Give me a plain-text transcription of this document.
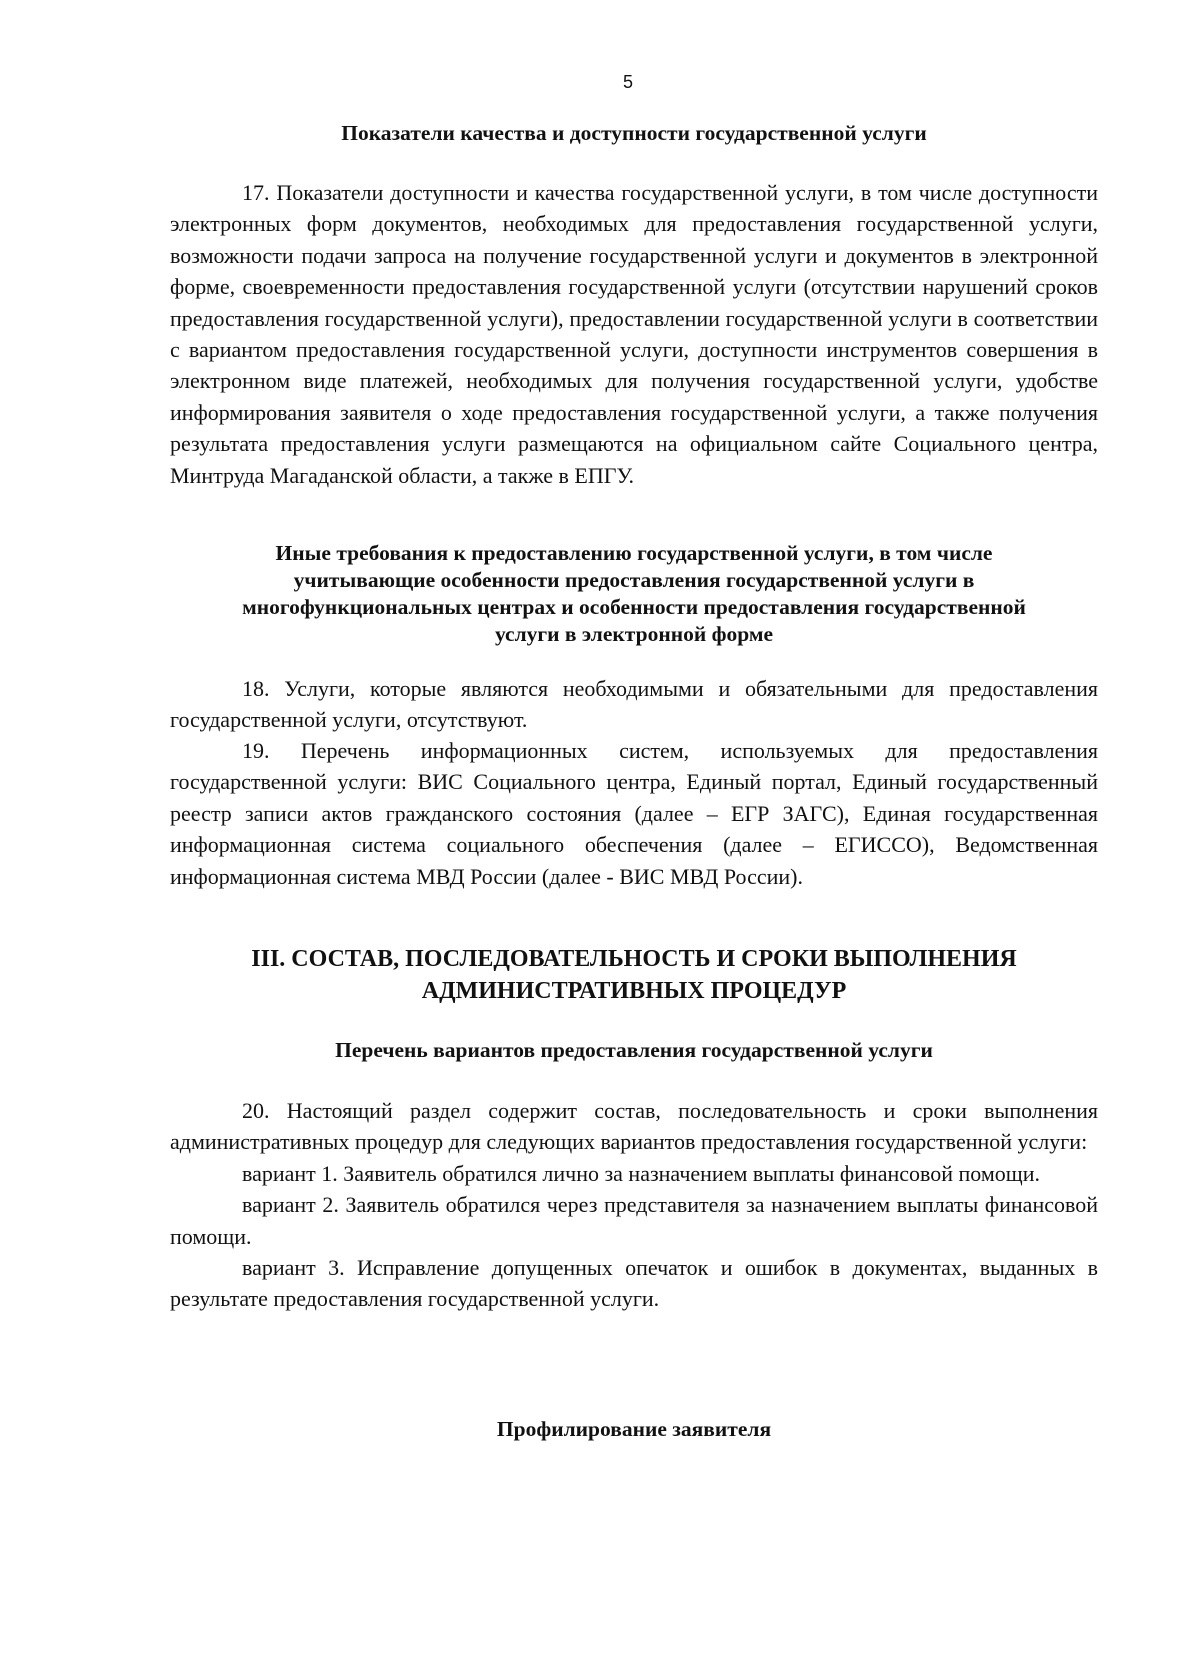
5

Показатели качества и доступности государственной услуги

17. Показатели доступности и качества государственной услуги, в том числе доступности электронных форм документов, необходимых для предоставления государственной услуги, возможности подачи запроса на получение государственной услуги и документов в электронной форме, своевременности предоставления государственной услуги (отсутствии нарушений сроков предоставления государственной услуги), предоставлении государственной услуги в соответствии с вариантом предоставления государственной услуги, доступности инструментов совершения в электронном виде платежей, необходимых для получения государственной услуги, удобстве информирования заявителя о ходе предоставления государственной услуги, а также получения результата предоставления услуги размещаются на официальном сайте Социального центра, Минтруда Магаданской области, а также в ЕПГУ.

Иные требования к предоставлению государственной услуги, в том числе
учитывающие особенности предоставления государственной услуги в
многофункциональных центрах и особенности предоставления государственной
услуги в электронной форме

18. Услуги, которые являются необходимыми и обязательными для предоставления государственной услуги, отсутствуют.

19. Перечень информационных систем, используемых для предоставления государственной услуги: ВИС Социального центра, Единый портал, Единый государственный реестр записи актов гражданского состояния (далее – ЕГР ЗАГС), Единая государственная информационная система социального обеспечения (далее – ЕГИССО), Ведомственная информационная система МВД России (далее - ВИС МВД России).

III. СОСТАВ, ПОСЛЕДОВАТЕЛЬНОСТЬ И СРОКИ ВЫПОЛНЕНИЯ
АДМИНИСТРАТИВНЫХ ПРОЦЕДУР

Перечень вариантов предоставления государственной услуги

20. Настоящий раздел содержит состав, последовательность и сроки выполнения административных процедур для следующих вариантов предоставления государственной услуги:

вариант 1. Заявитель обратился лично за назначением выплаты финансовой помощи.

вариант 2. Заявитель обратился через представителя за назначением выплаты финансовой помощи.

вариант 3. Исправление допущенных опечаток и ошибок в документах, выданных в результате предоставления государственной услуги.

Профилирование заявителя
